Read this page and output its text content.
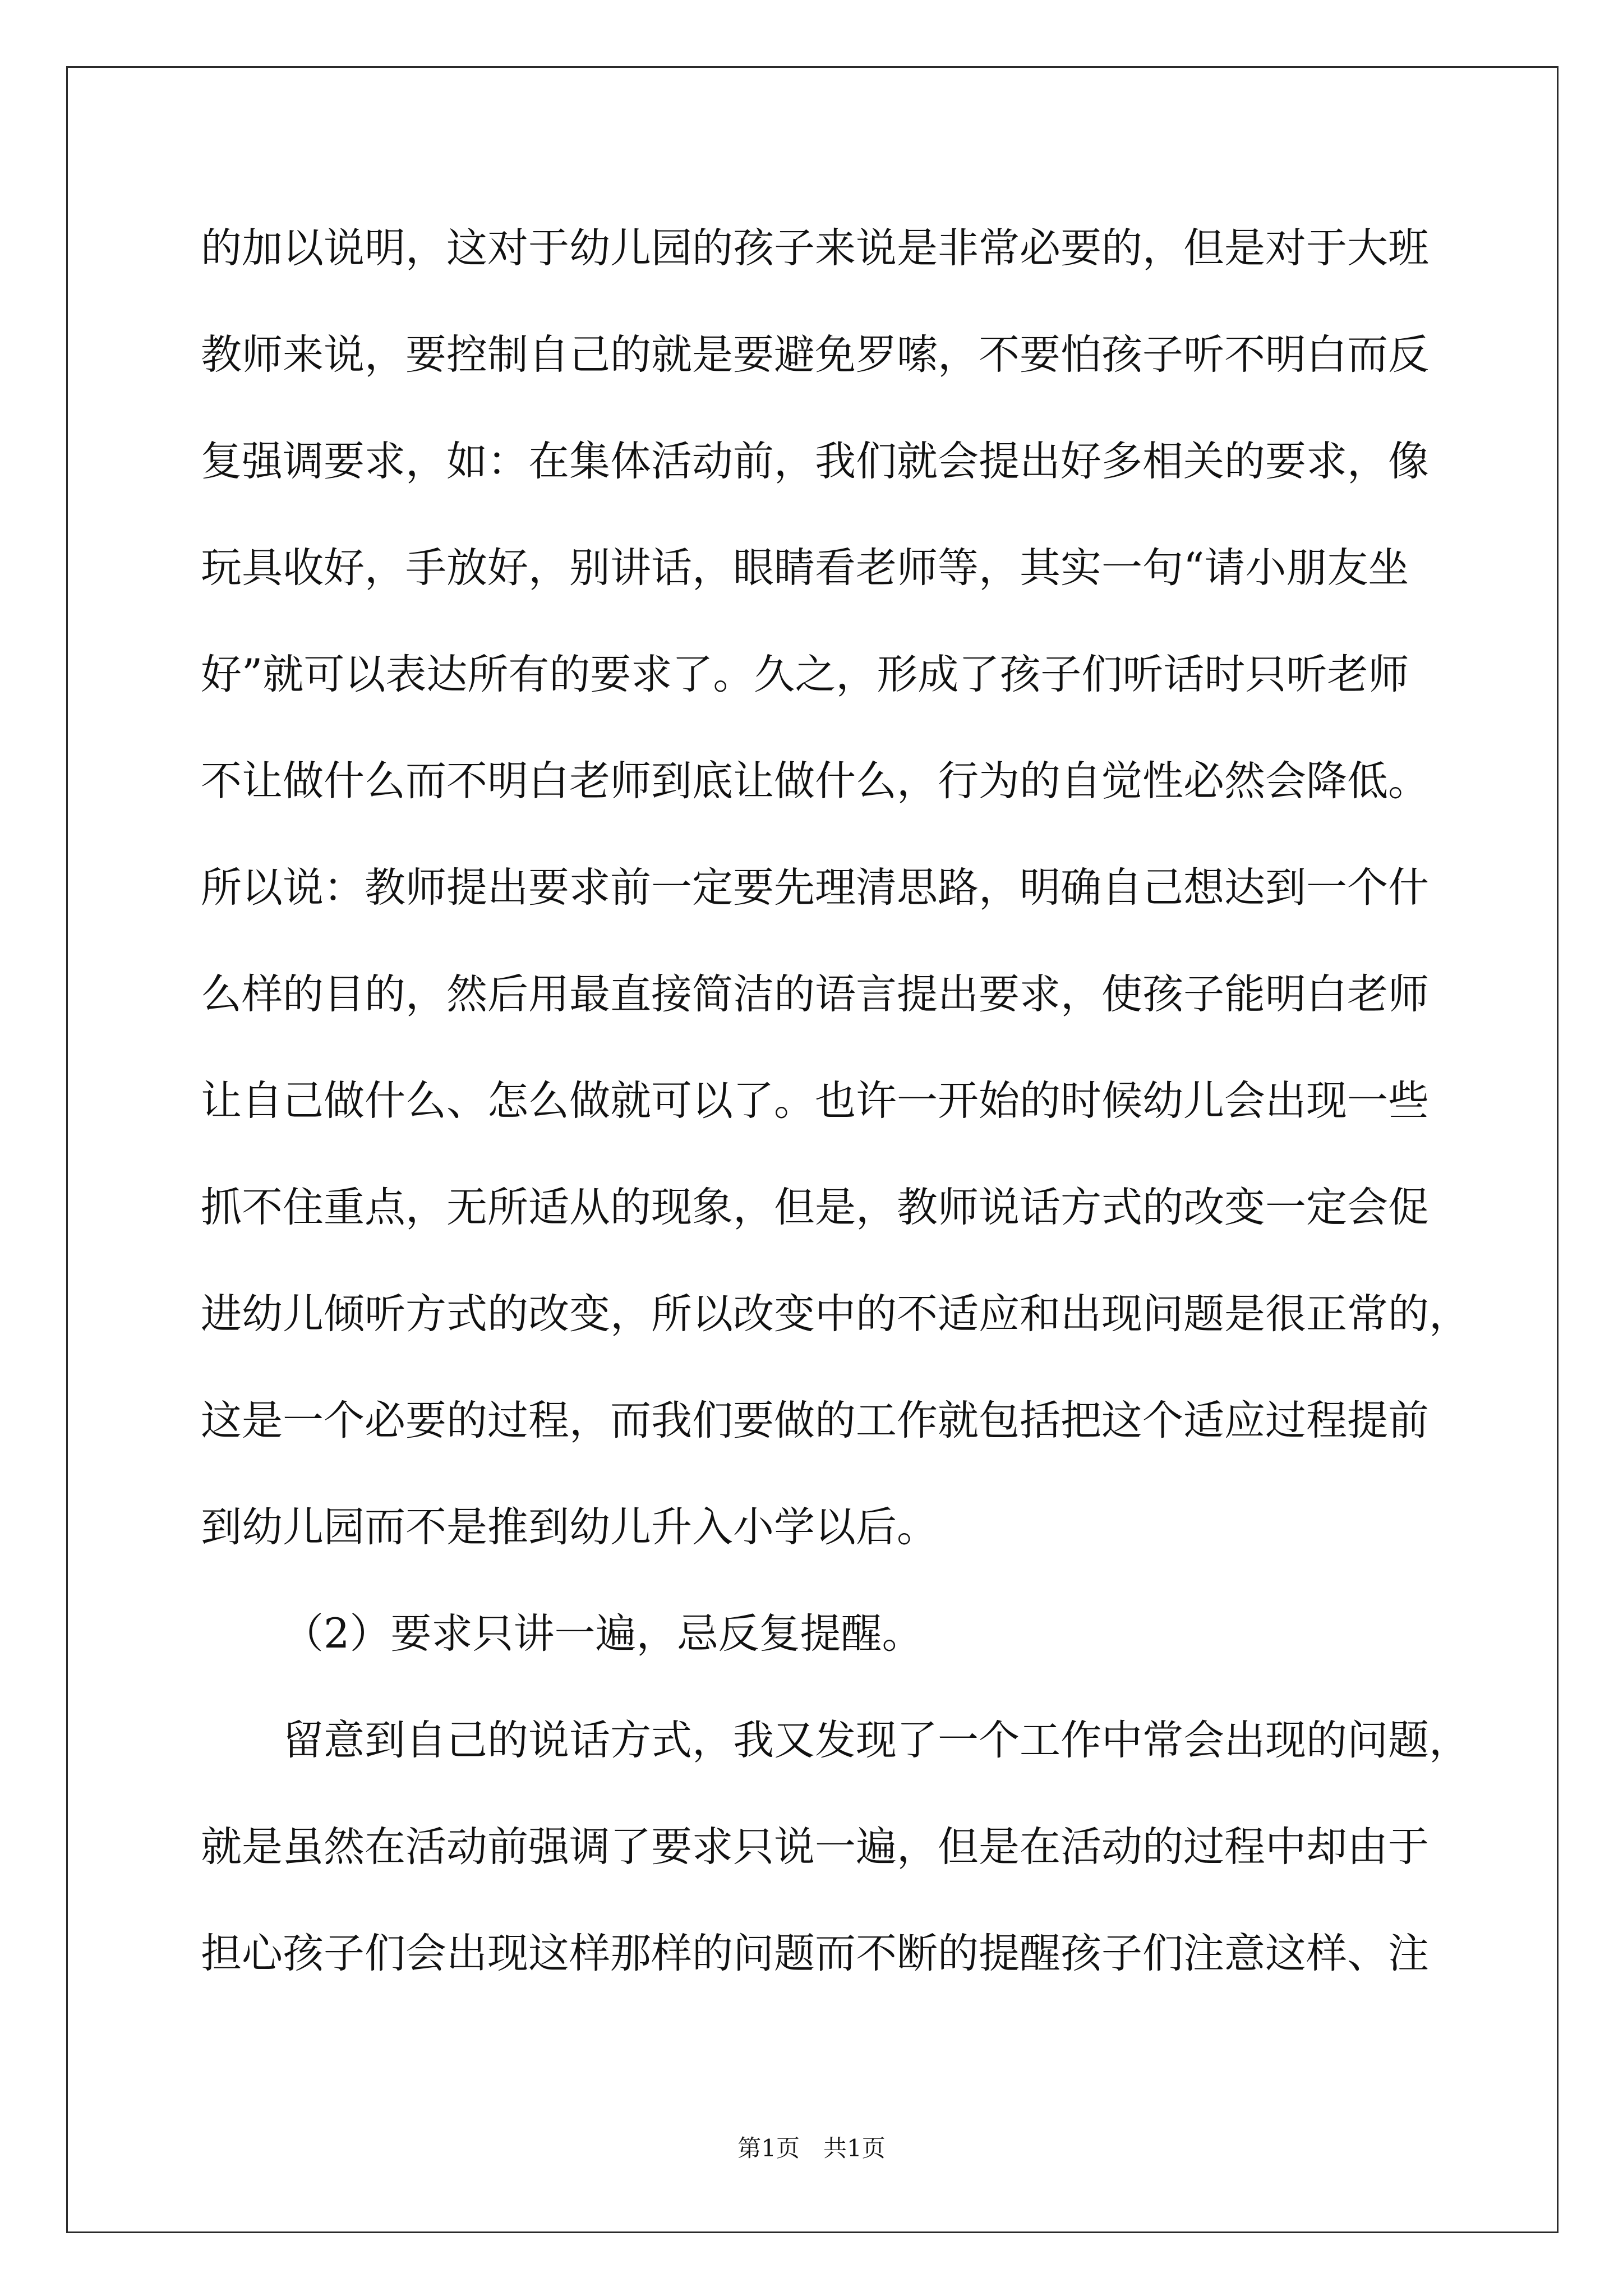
的加以说明，这对于幼儿园的孩子来说是非常必要的，但是对于大班
教师来说，要控制自己的就是要避免罗嗦，不要怕孩子听不明白而反
复强调要求，如：在集体活动前，我们就会提出好多相关的要求，像
玩具收好，手放好，别讲话，眼睛看老师等，其实一句“请小朋友坐
好”就可以表达所有的要求了。久之，形成了孩子们听话时只听老师
不让做什么而不明白老师到底让做什么，行为的自觉性必然会降低。
所以说：教师提出要求前一定要先理清思路，明确自己想达到一个什
么样的目的，然后用最直接简洁的语言提出要求，使孩子能明白老师
让自己做什么、怎么做就可以了。也许一开始的时候幼儿会出现一些
抓不住重点，无所适从的现象，但是，教师说话方式的改变一定会促
进幼儿倾听方式的改变，所以改变中的不适应和出现问题是很正常的，
这是一个必要的过程，而我们要做的工作就包括把这个适应过程提前
到幼儿园而不是推到幼儿升入小学以后。
（2）要求只讲一遍，忌反复提醒。
留意到自己的说话方式，我又发现了一个工作中常会出现的问题，
就是虽然在活动前强调了要求只说一遍，但是在活动的过程中却由于
担心孩子们会出现这样那样的问题而不断的提醒孩子们注意这样、注
第1页　共1页
